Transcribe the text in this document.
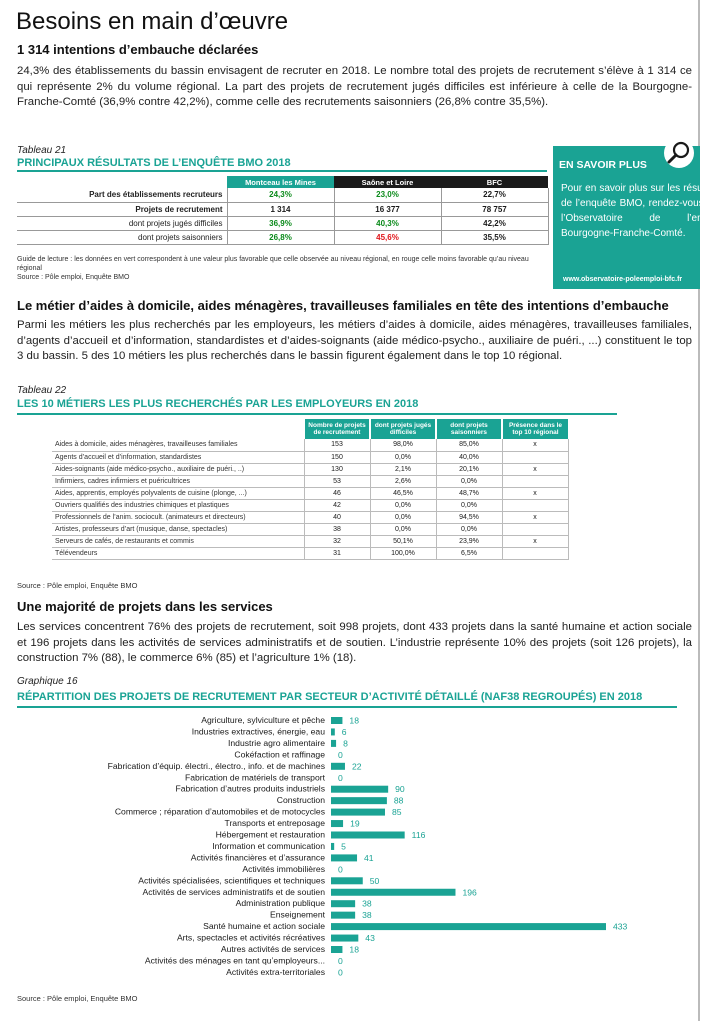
Besoins en main d’œuvre
1 314 intentions d’embauche déclarées
24,3% des établissements du bassin envisagent de recruter en 2018. Le nombre total des projets de recrutement s’élève à 1 314 ce qui représente 2% du volume régional. La part des projets de recrutement jugés difficiles est inférieure à celle de la Bourgogne-Franche-Comté (36,9% contre 42,2%), comme celle des recrutements saisonniers (26,8% contre 35,5%).
Tableau 21
PRINCIPAUX RÉSULTATS DE L’ENQUÊTE BMO 2018
	Montceau les Mines	Saône et Loire	BFC
Part des établissements recruteurs	24,3%	23,0%	22,7%
Projets de recrutement	1 314	16 377	78 757
dont projets jugés difficiles	36,9%	40,3%	42,2%
dont projets saisonniers	26,8%	45,6%	35,5%
Guide de lecture : les données en vert correspondent à une valeur plus favorable que celle observée au niveau régional, en rouge celle moins favorable qu’au niveau régional
Source : Pôle emploi, Enquête BMO
EN SAVOIR PLUS
Pour en savoir plus sur les résultats de l’enquête BMO, rendez-vous sur l’Observatoire de l’emploi Bourgogne-Franche-Comté.
www.observatoire-poleemploi-bfc.fr
Le métier d’aides à domicile, aides ménagères, travailleuses familiales en tête des intentions d’embauche
Parmi les métiers les plus recherchés par les employeurs, les métiers d’aides à domicile, aides ménagères, travailleuses familiales, d’agents d’accueil et d’information, standardistes et d’aides-soignants (aide médico-psycho., auxiliaire de puéri., ...) constituent le top 3 du bassin. 5 des 10 métiers les plus recherchés dans le bassin figurent également dans le top 10 régional.
Tableau 22
LES 10 MÉTIERS LES PLUS RECHERCHÉS PAR LES EMPLOYEURS EN 2018
	Nombre de projets de recrutement	dont projets jugés difficiles	dont projets saisonniers	Présence dans le top 10 régional
Aides à domicile, aides ménagères, travailleuses familiales	153	98,0%	85,0%	x
Agents d’accueil et d’information, standardistes	150	0,0%	40,0%	
Aides-soignants (aide médico-psycho., auxiliaire de puéri., ..)	130	2,1%	20,1%	x
Infirmiers, cadres infirmiers et puéricultrices	53	2,6%	0,0%	
Aides, apprentis, employés polyvalents de cuisine (plonge, ...)	46	46,5%	48,7%	x
Ouvriers qualifiés des industries chimiques et plastiques	42	0,0%	0,0%	
Professionnels de l’anim. sociocult. (animateurs et directeurs)	40	0,0%	94,5%	x
Artistes, professeurs d’art (musique, danse, spectacles)	38	0,0%	0,0%	
Serveurs de cafés, de restaurants et commis	32	50,1%	23,9%	x
Télévendeurs	31	100,0%	6,5%	
Source : Pôle emploi, Enquête BMO
Une majorité de projets dans les services
Les services concentrent 76% des projets de recrutement, soit 998 projets, dont 433 projets dans la santé humaine et action sociale et 196 projets dans les activités de services administratifs et de soutien. L’industrie représente 10% des projets (soit 126 projets), la construction 7% (88), le commerce 6% (85) et l’agriculture 1% (18).
Graphique 16
RÉPARTITION DES PROJETS DE RECRUTEMENT PAR SECTEUR D’ACTIVITÉ DÉTAILLÉ (NAF38 REGROUPÉS) EN 2018
Agriculture, sylviculture et pêche	18
Industries extractives, énergie, eau 6
Industrie agro alimentaire 8
Cokéfaction et raffinage 0
Fabrication d’équip. électri., électro., info. et de machines	22
Fabrication de matériels de transport 0
Fabrication d’autres produits industriels	90
Construction	88
Commerce ; réparation d’automobiles et de motocycles	85
Transports et entreposage	19
Hébergement et restauration	116
Information et communication 5
Activités financières et d’assurance	41
Activités immobilières 0
Activités spécialisées, scientifiques et techniques	50
Activités de services administratifs et de soutien	196
Administration publique	38
Enseignement	38
Santé humaine et action sociale	433
Arts, spectacles et activités récréatives	43
Autres activités de services	18
Activités des ménages en tant qu’employeurs... 0
Activités extra-territoriales 0
Source : Pôle emploi, Enquête BMO
